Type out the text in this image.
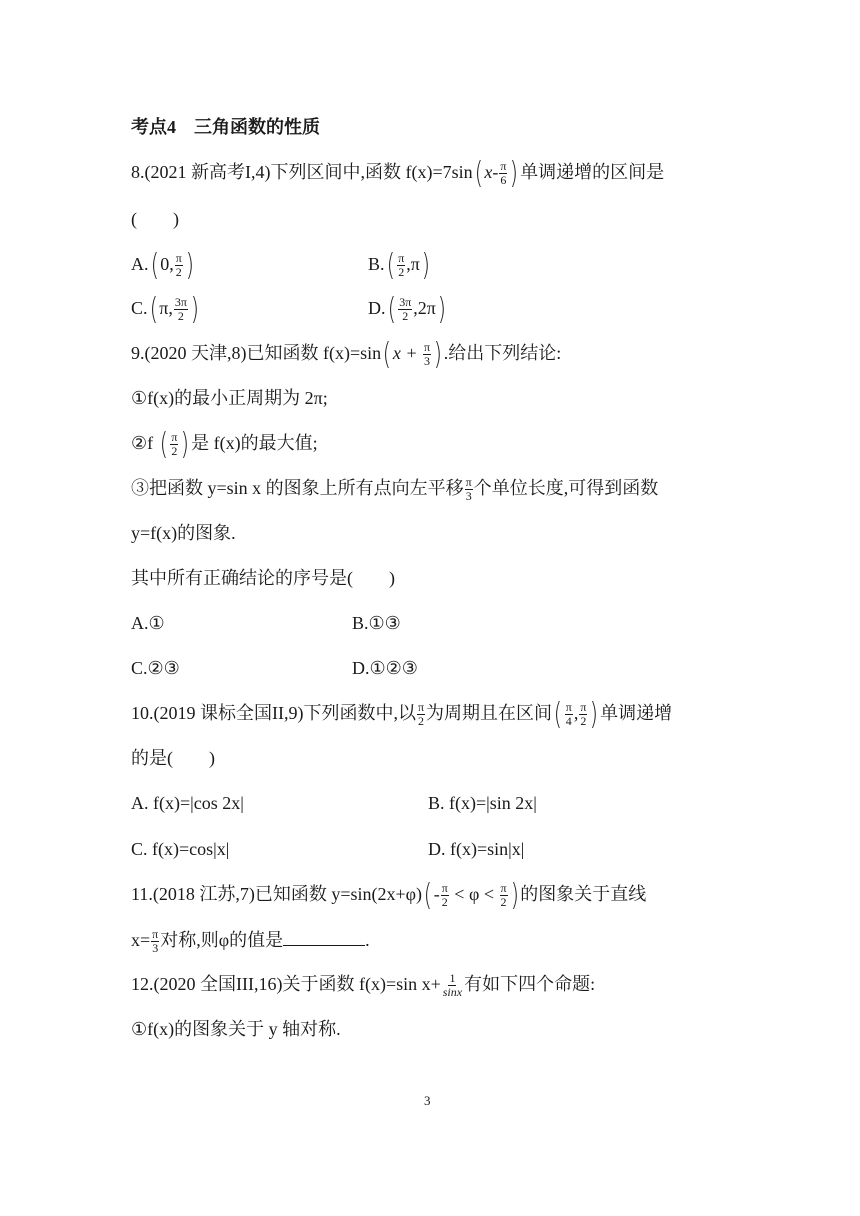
考点4　三角函数的性质
8.(2021 新高考I,4)下列区间中,函数 $f(x)=7\sin(x- \frac{\pi}{6}$ )单调递增的区间是
(　　)
A.(0, $\frac{\pi}{2}$ )	$B.( \frac{\pi}{2} ,\pi)$
C.(π, $\frac{3\pi}{2}$ )	$D.( \frac{3\pi}{2} ,2\pi)$
9.(2020 天津,8)已知函数 $f(x)=\sin(x + \frac{\pi}{3}$ ).给出下列结论:
①f(x)的最小正周期为 2π;
②f ( $\frac{\pi}{2}$ )是 f(x)的最大值;
③把函数 y=sin x 的图象上所有点向左平移 $\frac{\pi}{3}$ 个单位长度,可得到函数
y=f(x)的图象.
其中所有正确结论的序号是(　　)
A.①	B.①③
C.②③	D.①②③
10.(2019 课标全国II,9)下列函数中,以 $\frac{\pi}{2}$ 为周期且在区间( $\frac{\pi}{4}$ , $\frac{\pi}{2}$ )单调递增
的是(　　)
A. f(x)=|cos 2x|	B. f(x)=|sin 2x|
C. f(x)=cos|x|	D. f(x)=sin|x|
11.(2018 江苏,7)已知函数 $y=\sin(2x+\varphi)(- \frac{\pi}{2} < \varphi < \frac{\pi}{2}$ )的图象关于直线
$x= \frac{\pi}{3}$ 对称,则φ的值是	.
12.(2020 全国III,16)关于函数 f(x)=sin $x+ \frac{1}{\sin x}$ 有如下四个命题:
①f(x)的图象关于 y 轴对称.
3
